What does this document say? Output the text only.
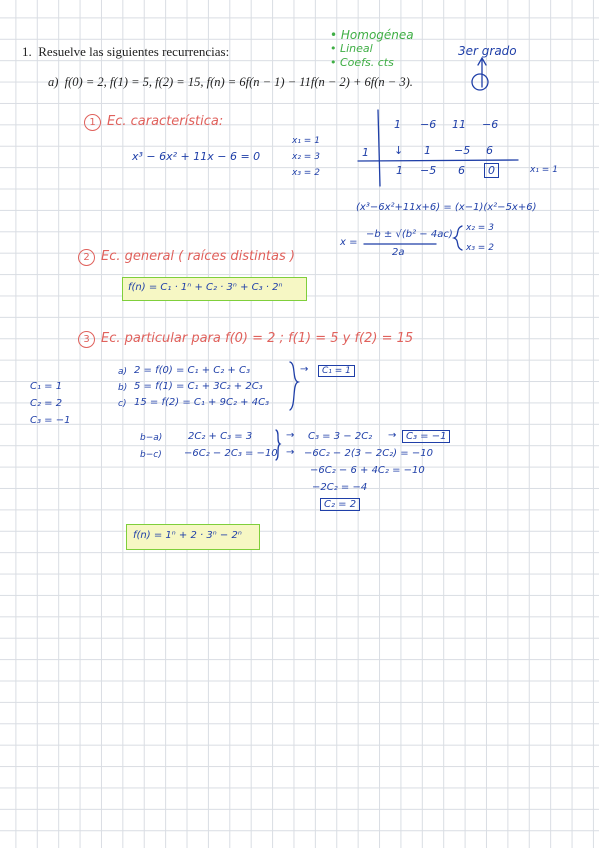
1. Resuelve las siguientes recurrencias:
a) f(0) = 2, f(1) = 5, f(2) = 15, f(n) = 6f(n − 1) − 11f(n − 2) + 6f(n − 3).
• Homogénea
• Lineal
• Coefs. cts
3er grado
1 Ec. característica:
x³ − 6x² + 11x − 6 = 0
x₁ = 1
x₂ = 3
x₃ = 2
1 −6 11 −6
1 ↓ 1 −5 6
1 −5 6	0	x₁ = 1
(x³−6x²+11x+6) = (x−1)(x²−5x+6)
x =
−b ± √(b² − 4ac)
2a
x₂ = 3
x₃ = 2
2 Ec. general ( raíces distintas )
f(n) = C₁ · 1ⁿ + C₂ · 3ⁿ + C₃ · 2ⁿ
3 Ec. particular para f(0) = 2 ; f(1) = 5 y f(2) = 15
a) 2 = f(0) = C₁ + C₂ + C₃
b) 5 = f(1) = C₁ + 3C₂ + 2C₃
c) 15 = f(2) = C₁ + 9C₂ + 4C₃
→	C₁ = 1
C₁ = 1
C₂ = 2
C₃ = −1
b−a)	2C₂ + C₃ = 3
b−c) −6C₂ − 2C₃ = −10
→
→
C₃ = 3 − 2C₂ → C₃ = −1
−6C₂ − 2(3 − 2C₂) = −10
−6C₂ − 6 + 4C₂ = −10
−2C₂ = −4
C₂ = 2
f(n) = 1ⁿ + 2 · 3ⁿ − 2ⁿ
